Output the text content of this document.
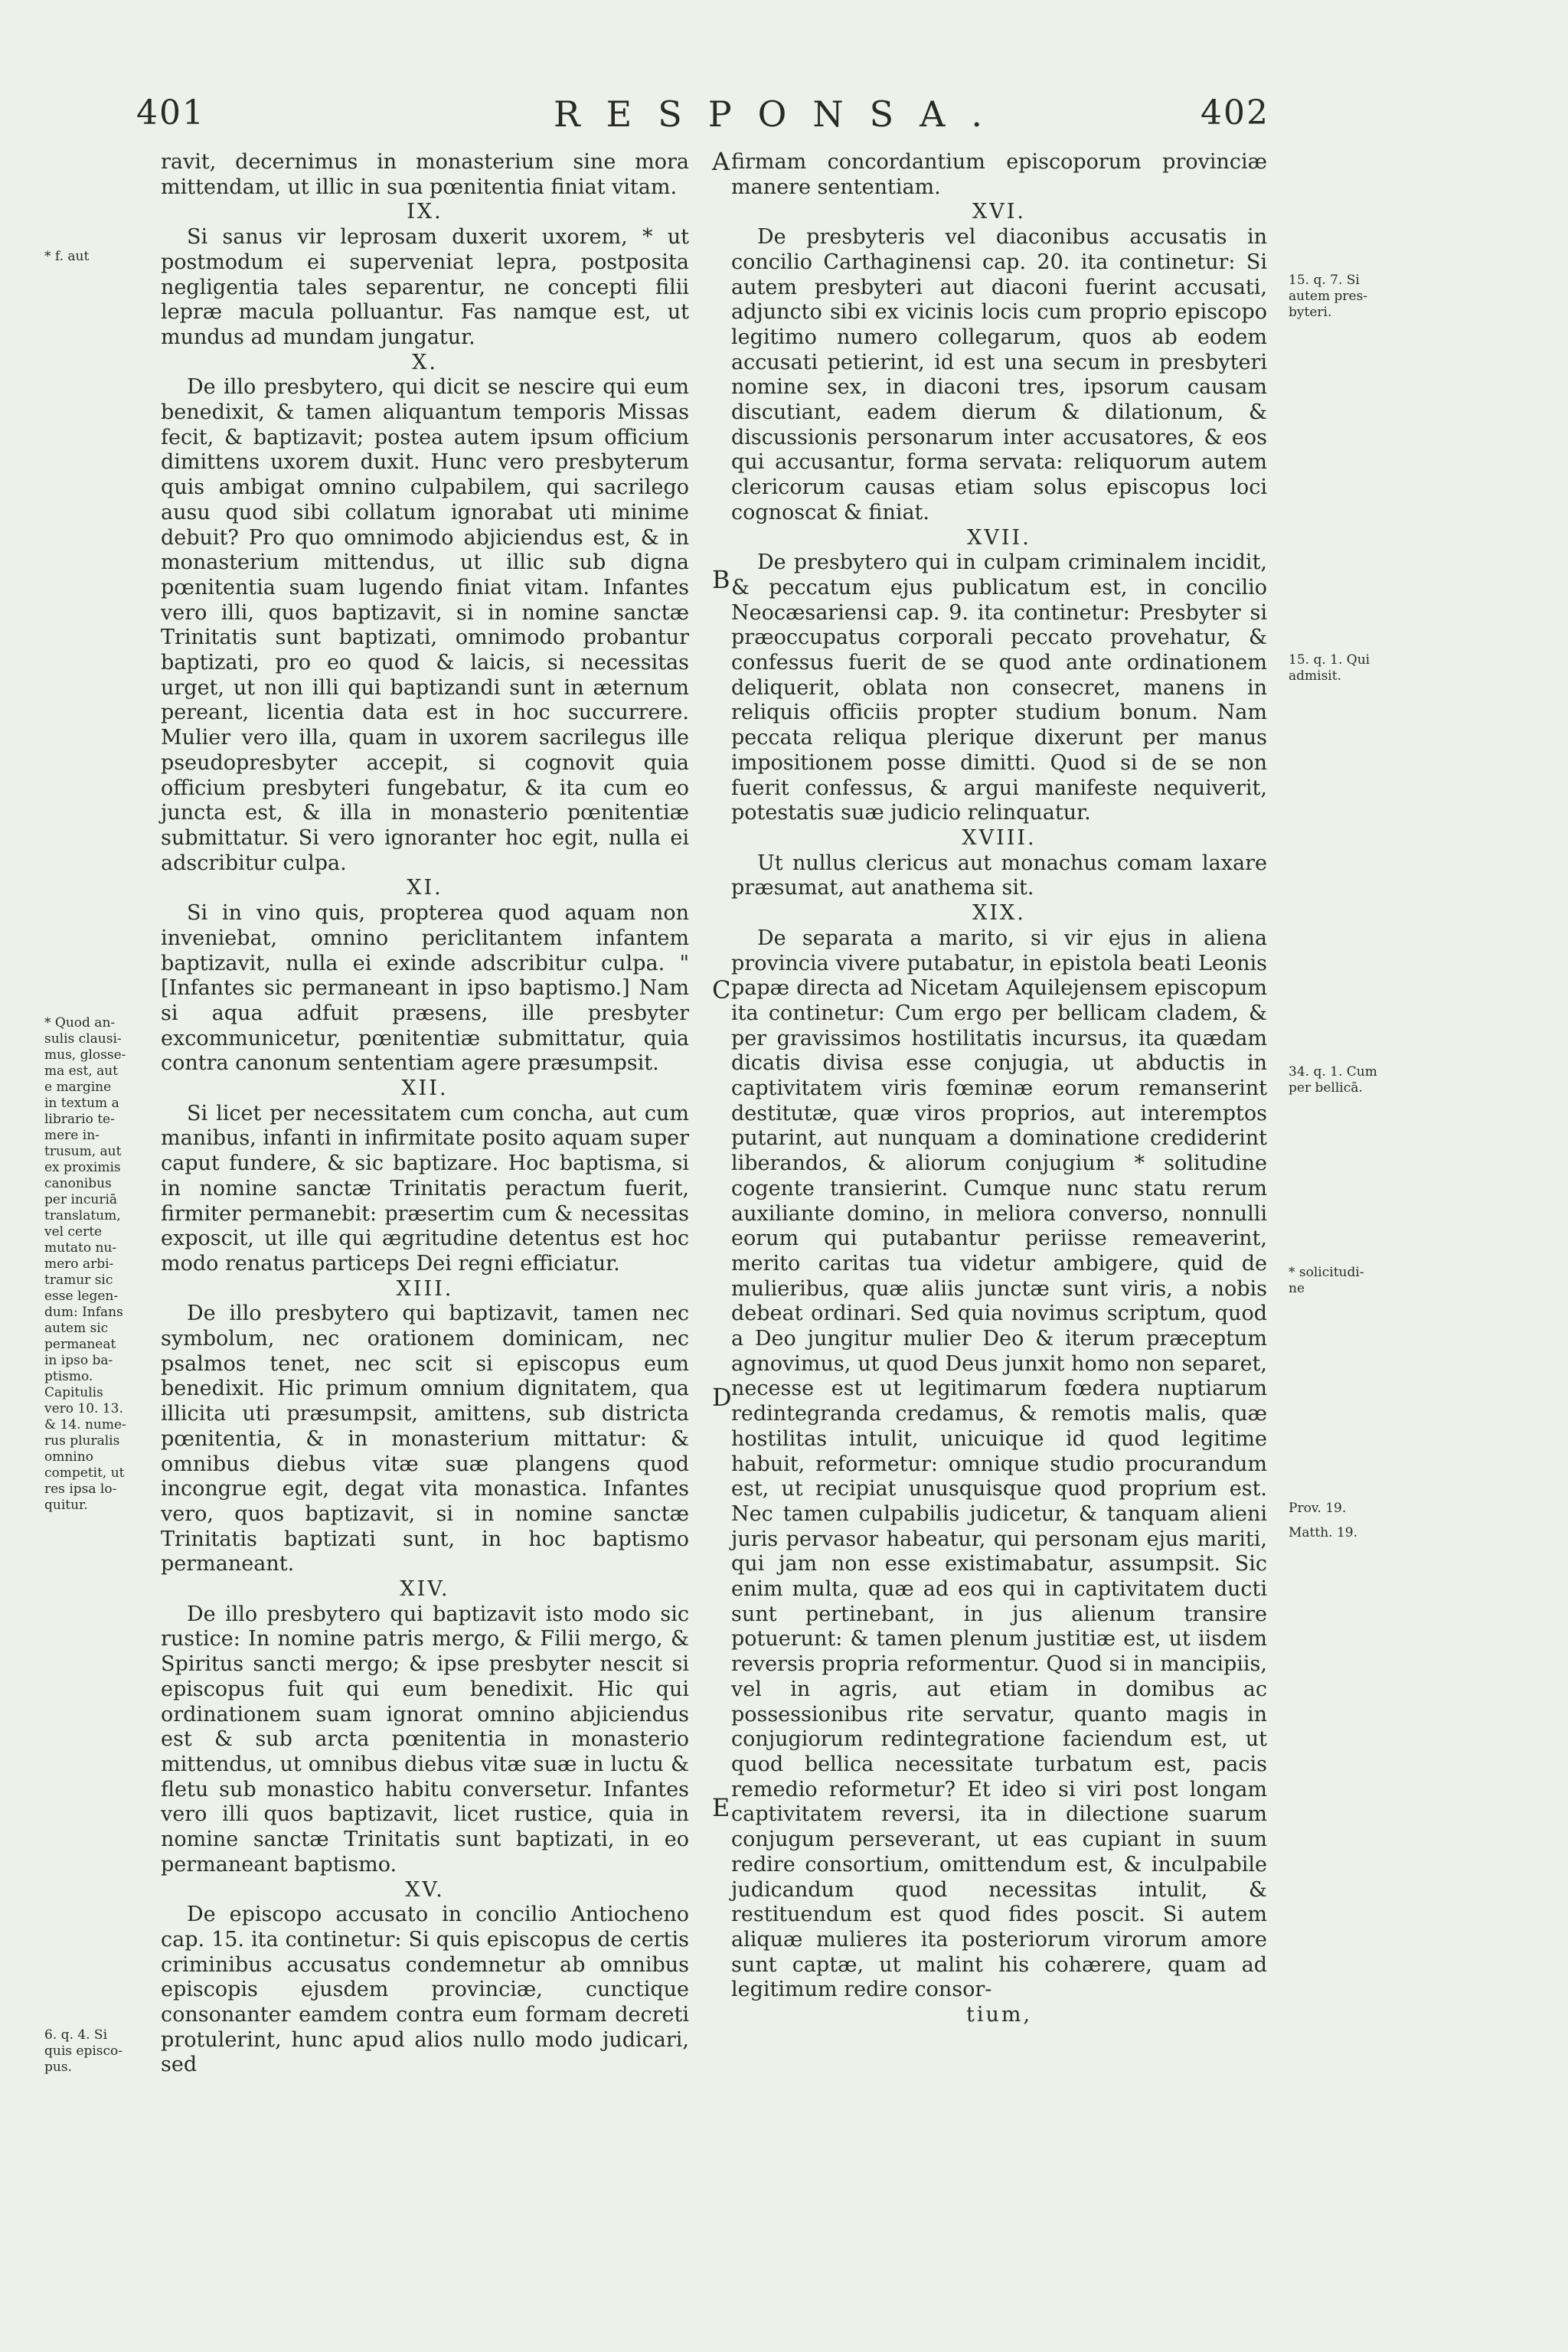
401	RESPONSA.	402

ravit, decernimus in monasterium sine mora mittendam, ut illic in sua pœnitentia finiat vitam.

IX.

Si sanus vir leprosam duxerit uxorem, * ut postmodum ei superveniat lepra, postposita negligentia tales separentur, ne concepti filii lepræ macula polluantur. Fas namque est, ut mundus ad mundam jungatur.

X.

De illo presbytero, qui dicit se nescire qui eum benedixit, & tamen aliquantum temporis Missas fecit, & baptizavit; postea autem ipsum officium dimittens uxorem duxit. Hunc vero presbyterum quis ambigat omnino culpabilem, qui sacrilego ausu quod sibi collatum ignorabat uti minime debuit? Pro quo omnimodo abjiciendus est, & in monasterium mittendus, ut illic sub digna pœnitentia suam lugendo finiat vitam. Infantes vero illi, quos baptizavit, si in nomine sanctæ Trinitatis sunt baptizati, omnimodo probantur baptizati, pro eo quod & laicis, si necessitas urget, ut non illi qui baptizandi sunt in æternum pereant, licentia data est in hoc succurrere. Mulier vero illa, quam in uxorem sacrilegus ille pseudopresbyter accepit, si cognovit quia officium presbyteri fungebatur, & ita cum eo juncta est, & illa in monasterio pœnitentiæ submittatur. Si vero ignoranter hoc egit, nulla ei adscribitur culpa.

XI.

Si in vino quis, propterea quod aquam non inveniebat, omnino periclitantem infantem baptizavit, nulla ei exinde adscribitur culpa. " [Infantes sic permaneant in ipso baptismo.] Nam si aqua adfuit præsens, ille presbyter excommunicetur, pœnitentiæ submittatur, quia contra canonum sententiam agere præsumpsit.

XII.

Si licet per necessitatem cum concha, aut cum manibus, infanti in infirmitate posito aquam super caput fundere, & sic baptizare. Hoc baptisma, si in nomine sanctæ Trinitatis peractum fuerit, firmiter permanebit: præsertim cum & necessitas exposcit, ut ille qui ægritudine detentus est hoc modo renatus particeps Dei regni efficiatur.

XIII.

De illo presbytero qui baptizavit, tamen nec symbolum, nec orationem dominicam, nec psalmos tenet, nec scit si episcopus eum benedixit. Hic primum omnium dignitatem, qua illicita uti præsumpsit, amittens, sub districta pœnitentia, & in monasterium mittatur: & omnibus diebus vitæ suæ plangens quod incongrue egit, degat vita monastica. Infantes vero, quos baptizavit, si in nomine sanctæ Trinitatis baptizati sunt, in hoc baptismo permaneant.

XIV.

De illo presbytero qui baptizavit isto modo sic rustice: In nomine patris mergo, & Filii mergo, & Spiritus sancti mergo; & ipse presbyter nescit si episcopus fuit qui eum benedixit. Hic qui ordinationem suam ignorat omnino abjiciendus est & sub arcta pœnitentia in monasterio mittendus, ut omnibus diebus vitæ suæ in luctu & fletu sub monastico habitu conversetur. Infantes vero illi quos baptizavit, licet rustice, quia in nomine sanctæ Trinitatis sunt baptizati, in eo permaneant baptismo.

XV.

De episcopo accusato in concilio Antiocheno cap. 15. ita continetur: Si quis episcopus de certis criminibus accusatus condemnetur ab omnibus episcopis ejusdem provinciæ, cunctique consonanter eamdem contra eum formam decreti protulerint, hunc apud alios nullo modo judicari, sed

firmam concordantium episcoporum provinciæ manere sententiam.

XVI.

De presbyteris vel diaconibus accusatis in concilio Carthaginensi cap. 20. ita continetur: Si autem presbyteri aut diaconi fuerint accusati, adjuncto sibi ex vicinis locis cum proprio episcopo legitimo numero collegarum, quos ab eodem accusati petierint, id est una secum in presbyteri nomine sex, in diaconi tres, ipsorum causam discutiant, eadem dierum & dilationum, & discussionis personarum inter accusatores, & eos qui accusantur, forma servata: reliquorum autem clericorum causas etiam solus episcopus loci cognoscat & finiat.

XVII.

De presbytero qui in culpam criminalem incidit, & peccatum ejus publicatum est, in concilio Neocæsariensi cap. 9. ita continetur: Presbyter si præoccupatus corporali peccato provehatur, & confessus fuerit de se quod ante ordinationem deliquerit, oblata non consecret, manens in reliquis officiis propter studium bonum. Nam peccata reliqua plerique dixerunt per manus impositionem posse dimitti. Quod si de se non fuerit confessus, & argui manifeste nequiverit, potestatis suæ judicio relinquatur.

XVIII.

Ut nullus clericus aut monachus comam laxare præsumat, aut anathema sit.

XIX.

De separata a marito, si vir ejus in aliena provincia vivere putabatur, in epistola beati Leonis papæ directa ad Nicetam Aquilejensem episcopum ita continetur: Cum ergo per bellicam cladem, & per gravissimos hostilitatis incursus, ita quædam dicatis divisa esse conjugia, ut abductis in captivitatem viris fœminæ eorum remanserint destitutæ, quæ viros proprios, aut interemptos putarint, aut nunquam a dominatione crediderint liberandos, & aliorum conjugium * solitudine cogente transierint. Cumque nunc statu rerum auxiliante domino, in meliora converso, nonnulli eorum qui putabantur periisse remeaverint, merito caritas tua videtur ambigere, quid de mulieribus, quæ aliis junctæ sunt viris, a nobis debeat ordinari. Sed quia novimus scriptum, quod a Deo jungitur mulier Deo & iterum præceptum agnovimus, ut quod Deus junxit homo non separet, necesse est ut legitimarum fœdera nuptiarum redintegranda credamus, & remotis malis, quæ hostilitas intulit, unicuique id quod legitime habuit, reformetur: omnique studio procurandum est, ut recipiat unusquisque quod proprium est. Nec tamen culpabilis judicetur, & tanquam alieni juris pervasor habeatur, qui personam ejus mariti, qui jam non esse existimabatur, assumpsit. Sic enim multa, quæ ad eos qui in captivitatem ducti sunt pertinebant, in jus alienum transire potuerunt: & tamen plenum justitiæ est, ut iisdem reversis propria reformentur. Quod si in mancipiis, vel in agris, aut etiam in domibus ac possessionibus rite servatur, quanto magis in conjugiorum redintegratione faciendum est, ut quod bellica necessitate turbatum est, pacis remedio reformetur? Et ideo si viri post longam captivitatem reversi, ita in dilectione suarum conjugum perseverant, ut eas cupiant in suum redire consortium, omittendum est, & inculpabile judicandum quod necessitas intulit, & restituendum est quod fides poscit. Si autem aliquæ mulieres ita posteriorum virorum amore sunt captæ, ut malint his cohærere, quam ad legitimum redire consor-

tium,

A
B
C
D
E
* f. aut
* Quod an-
sulis clausi-
mus, glosse-
ma est, aut
e margine
in textum a
librario te-
mere in-
trusum, aut
ex proximis
canonibus
per incuriā
translatum,
vel certe
mutato nu-
mero arbi-
tramur sic
esse legen-
dum: Infans
autem sic
permaneat
in ipso ba-
ptismo.
Capitulis
vero 10. 13.
& 14. nume-
rus pluralis
omnino
competit, ut
res ipsa lo-
quitur.
6. q. 4. Si
quis episco-
pus.
15. q. 7. Si
autem pres-
byteri.
15. q. 1. Qui
admisit.
34. q. 1. Cum
per bellicā.
* solicitudi-
ne
Prov. 19.
Matth. 19.
